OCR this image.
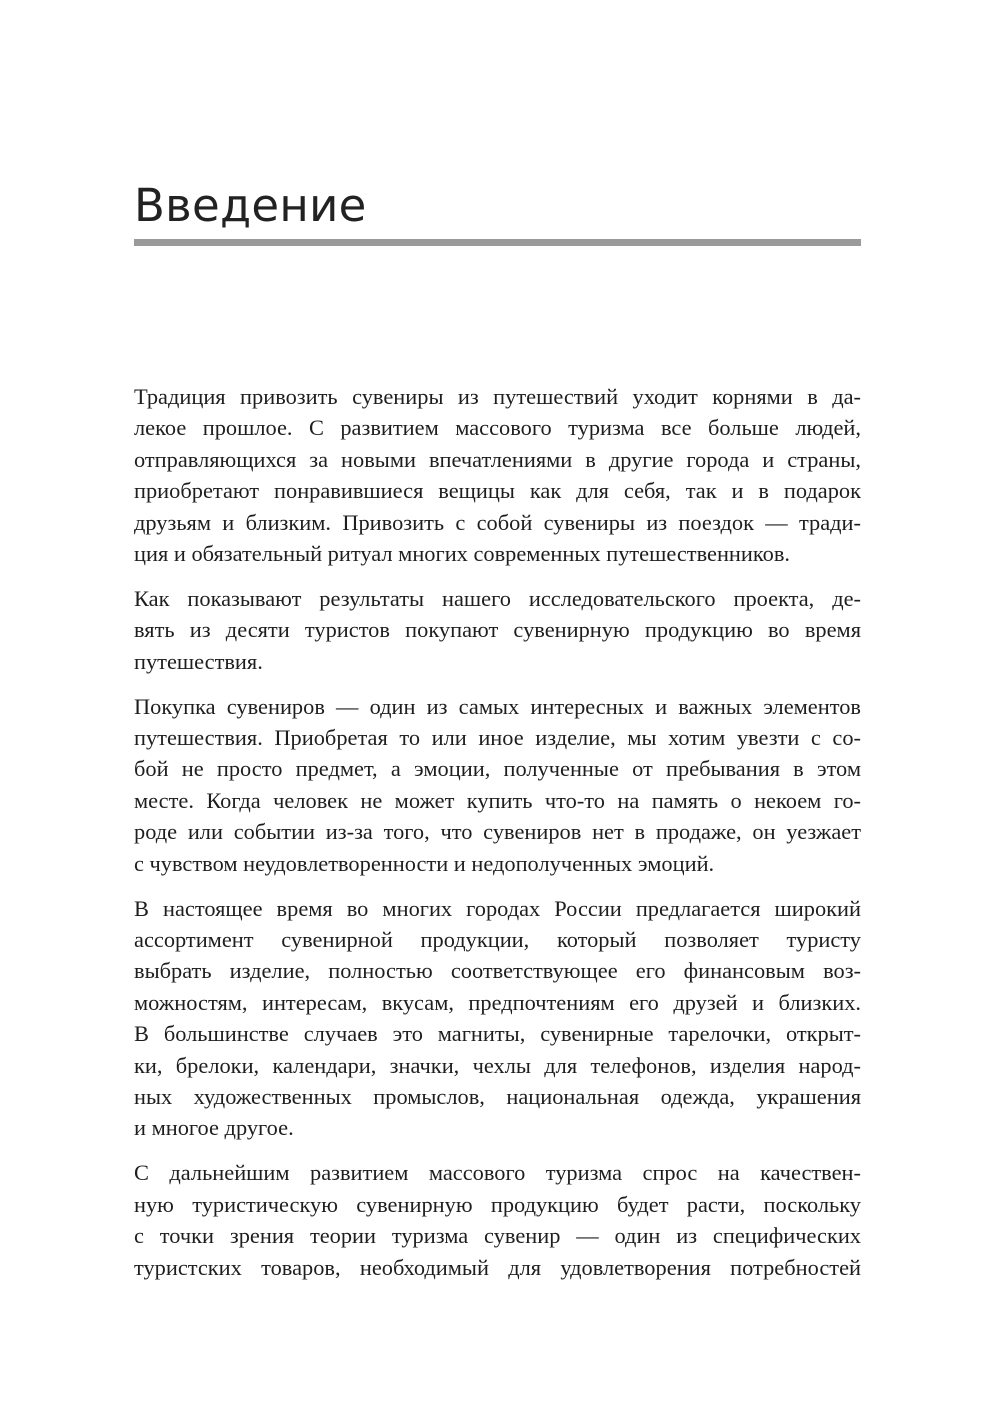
Введение

Традиция привозить сувениры из путешествий уходит корнями в да-
лекое прошлое. С развитием массового туризма все больше людей,
отправляющихся за новыми впечатлениями в другие города и страны,
приобретают понравившиеся вещицы как для себя, так и в подарок
друзьям и близким. Привозить с собой сувениры из поездок — тради-
ция и обязательный ритуал многих современных путешественников.

Как показывают результаты нашего исследовательского проекта, де-
вять из десяти туристов покупают сувенирную продукцию во время
путешествия.

Покупка сувениров — один из самых интересных и важных элементов
путешествия. Приобретая то или иное изделие, мы хотим увезти с со-
бой не просто предмет, а эмоции, полученные от пребывания в этом
месте. Когда человек не может купить что-то на память о некоем го-
роде или событии из-за того, что сувениров нет в продаже, он уезжает
с чувством неудовлетворенности и недополученных эмоций.

В настоящее время во многих городах России предлагается широкий
ассортимент сувенирной продукции, который позволяет туристу
выбрать изделие, полностью соответствующее его финансовым воз-
можностям, интересам, вкусам, предпочтениям его друзей и близких.
В большинстве случаев это магниты, сувенирные тарелочки, открыт-
ки, брелоки, календари, значки, чехлы для телефонов, изделия народ-
ных художественных промыслов, национальная одежда, украшения
и многое другое.

С дальнейшим развитием массового туризма спрос на качествен-
ную туристическую сувенирную продукцию будет расти, поскольку
с точки зрения теории туризма сувенир — один из специфических
туристских товаров, необходимый для удовлетворения потребностей
